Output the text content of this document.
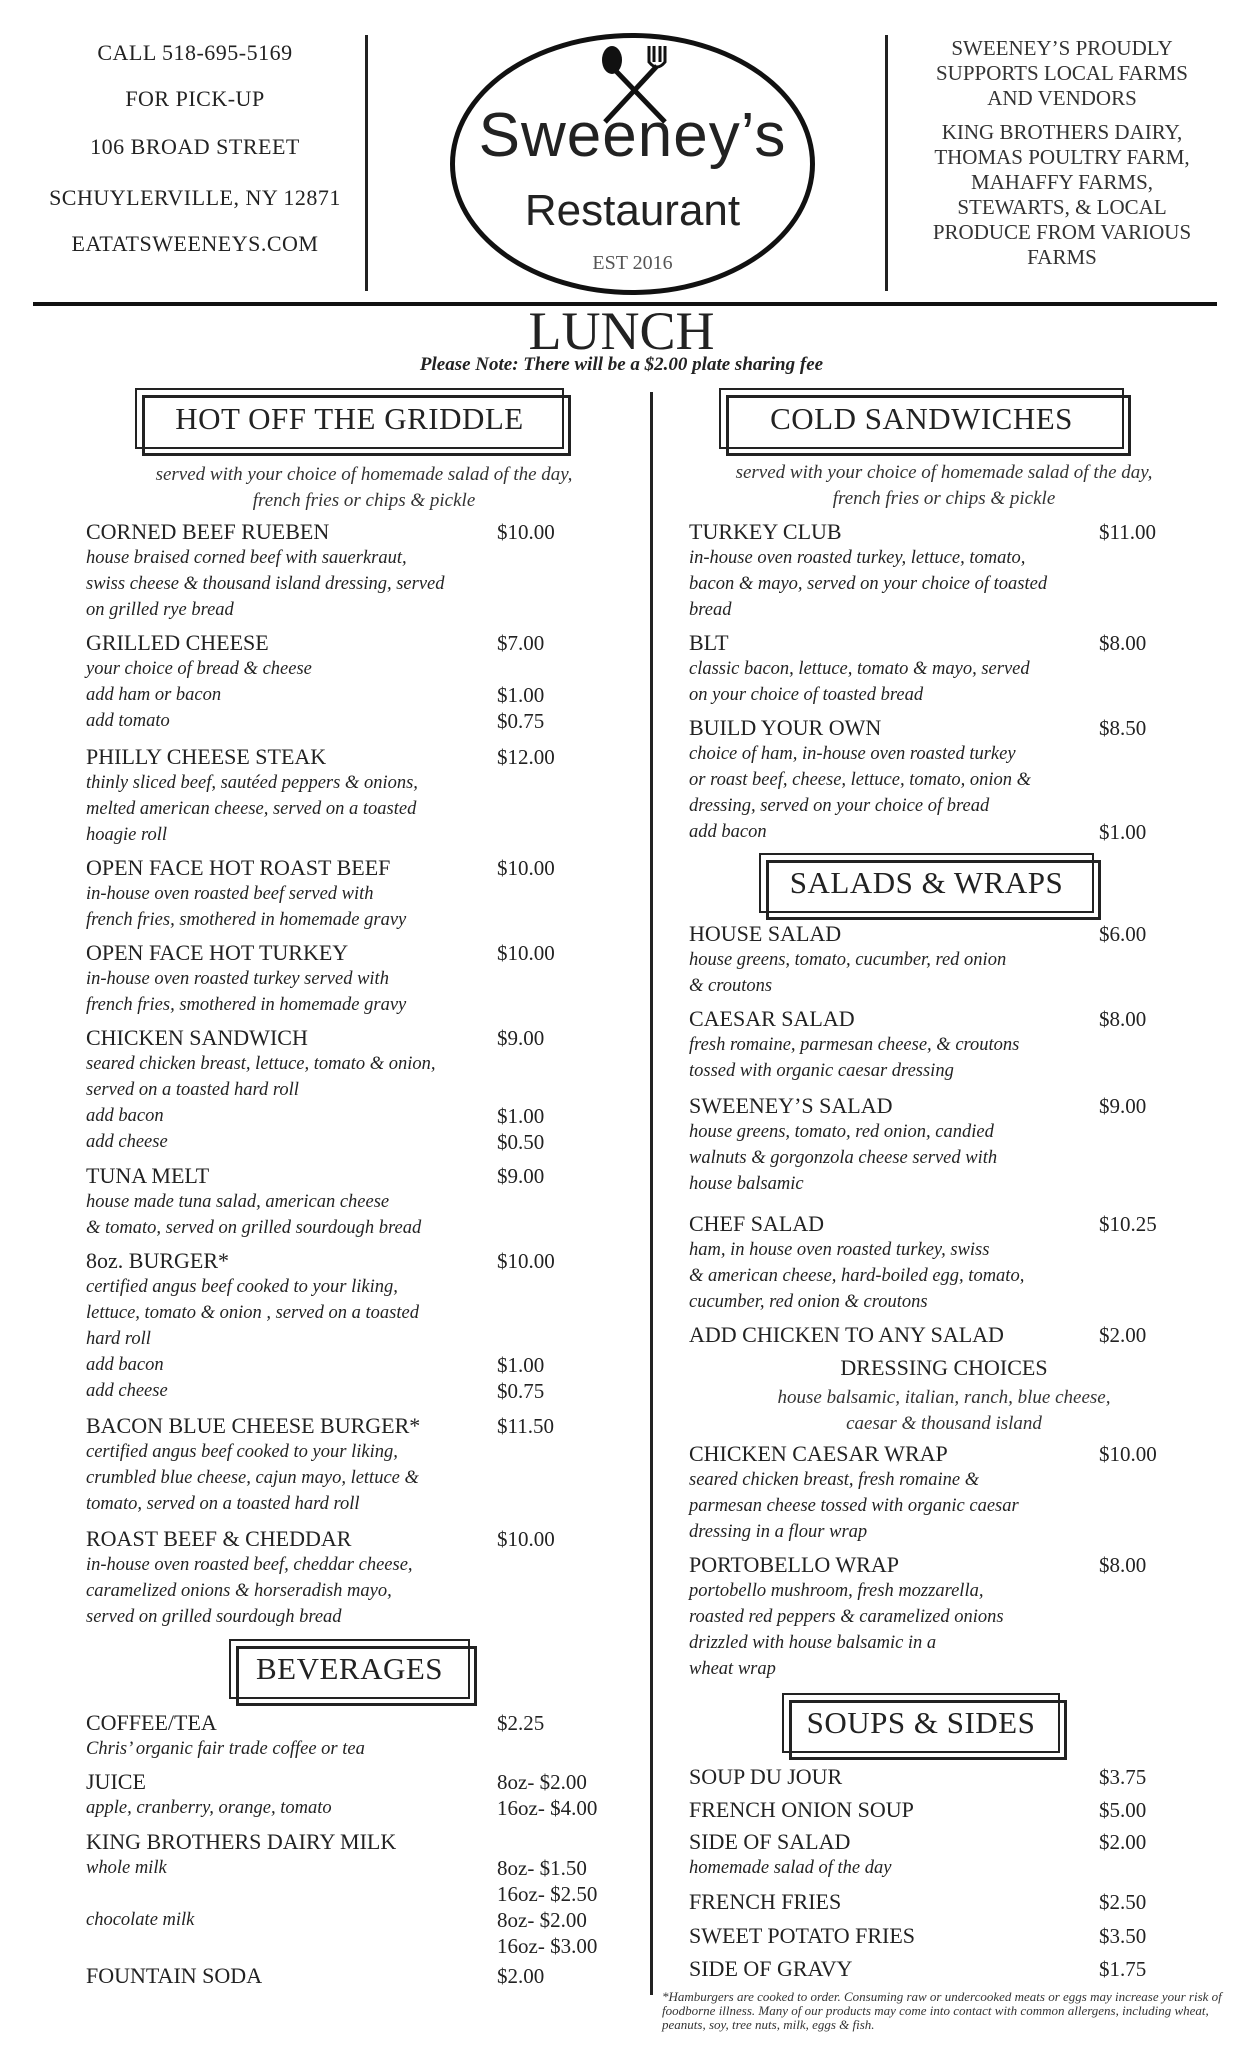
CALL 518-695-5169
FOR PICK-UP
106 BROAD STREET
SCHUYLERVILLE, NY 12871
EATATSWEENEYS.COM
Sweeney’s
Restaurant
EST 2016
SWEENEY’S PROUDLY
SUPPORTS LOCAL FARMS
AND VENDORS
KING BROTHERS DAIRY,
THOMAS POULTRY FARM,
MAHAFFY FARMS,
STEWARTS, & LOCAL
PRODUCE FROM VARIOUS
FARMS
LUNCH
Please Note: There will be a $2.00 plate sharing fee
HOT OFF THE GRIDDLE
served with your choice of homemade salad of the day,
french fries or chips & pickle
CORNED BEEF RUEBEN	$10.00
house braised corned beef with sauerkraut,
swiss cheese & thousand island dressing, served
on grilled rye bread
GRILLED CHEESE	$7.00
your choice of bread & cheese
add ham or bacon	$1.00
add tomato	$0.75
PHILLY CHEESE STEAK	$12.00
thinly sliced beef, sautéed peppers & onions,
melted american cheese, served on a toasted
hoagie roll
OPEN FACE HOT ROAST BEEF	$10.00
in-house oven roasted beef served with
french fries, smothered in homemade gravy
OPEN FACE HOT TURKEY	$10.00
in-house oven roasted turkey served with
french fries, smothered in homemade gravy
CHICKEN SANDWICH	$9.00
seared chicken breast, lettuce, tomato & onion,
served on a toasted hard roll
add bacon	$1.00
add cheese	$0.50
TUNA MELT	$9.00
house made tuna salad, american cheese
& tomato, served on grilled sourdough bread
8oz. BURGER*	$10.00
certified angus beef cooked to your liking,
lettuce, tomato & onion , served on a toasted
hard roll
add bacon	$1.00
add cheese	$0.75
BACON BLUE CHEESE BURGER*	$11.50
certified angus beef cooked to your liking,
crumbled blue cheese, cajun mayo, lettuce &
tomato, served on a toasted hard roll
ROAST BEEF & CHEDDAR	$10.00
in-house oven roasted beef, cheddar cheese,
caramelized onions & horseradish mayo,
served on grilled sourdough bread
BEVERAGES
COFFEE/TEA	$2.25
Chris’ organic fair trade coffee or tea
JUICE	8oz- $2.00
apple, cranberry, orange, tomato	16oz- $4.00
KING BROTHERS DAIRY MILK
whole milk	8oz- $1.50
16oz- $2.50
chocolate milk	8oz- $2.00
16oz- $3.00
FOUNTAIN SODA	$2.00
COLD SANDWICHES
served with your choice of homemade salad of the day,
french fries or chips & pickle
TURKEY CLUB	$11.00
in-house oven roasted turkey, lettuce, tomato,
bacon & mayo, served on your choice of toasted
bread
BLT	$8.00
classic bacon, lettuce, tomato & mayo, served
on your choice of toasted bread
BUILD YOUR OWN	$8.50
choice of ham, in-house oven roasted turkey
or roast beef, cheese, lettuce, tomato, onion &
dressing, served on your choice of bread
add bacon	$1.00
SALADS & WRAPS
HOUSE SALAD	$6.00
house greens, tomato, cucumber, red onion
& croutons
CAESAR SALAD	$8.00
fresh romaine, parmesan cheese, & croutons
tossed with organic caesar dressing
SWEENEY’S SALAD	$9.00
house greens, tomato, red onion, candied
walnuts & gorgonzola cheese served with
house balsamic
CHEF SALAD	$10.25
ham, in house oven roasted turkey, swiss
& american cheese, hard-boiled egg, tomato,
cucumber, red onion & croutons
ADD CHICKEN TO ANY SALAD	$2.00
CHICKEN CAESAR WRAP	$10.00
seared chicken breast, fresh romaine &
parmesan cheese tossed with organic caesar
dressing in a flour wrap
PORTOBELLO WRAP	$8.00
portobello mushroom, fresh mozzarella,
roasted red peppers & caramelized onions
drizzled with house balsamic in a
wheat wrap
DRESSING CHOICES
house balsamic, italian, ranch, blue cheese,
caesar & thousand island
SOUPS & SIDES
SOUP DU JOUR	$3.75
FRENCH ONION SOUP	$5.00
SIDE OF SALAD	$2.00
homemade salad of the day
FRENCH FRIES	$2.50
SWEET POTATO FRIES	$3.50
SIDE OF GRAVY	$1.75
*Hamburgers are cooked to order. Consuming raw or undercooked meats or eggs may increase your risk of foodborne illness. Many of our products may come into contact with common allergens, including wheat, peanuts, soy, tree nuts, milk, eggs & fish.
